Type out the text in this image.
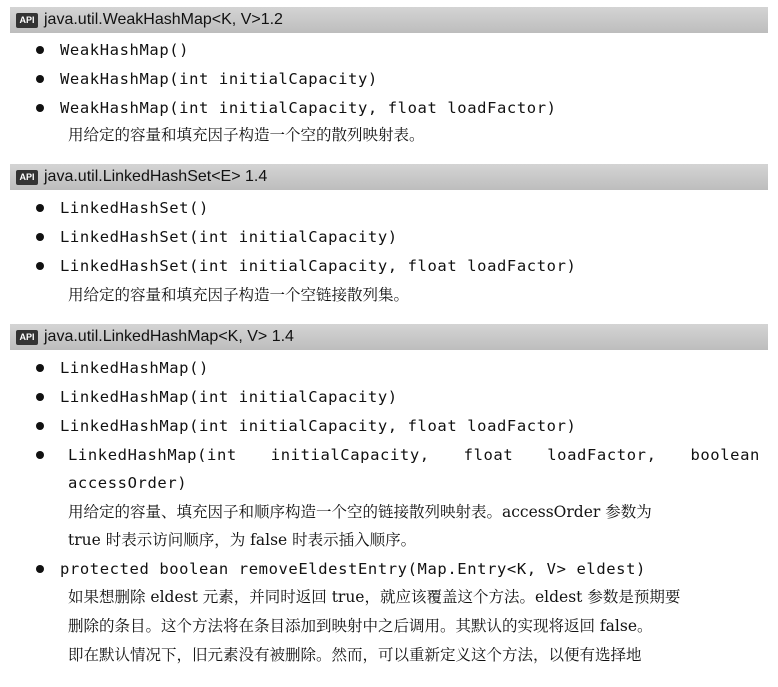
API java.util.WeakHashMap<K, V>1.2
WeakHashMap()
WeakHashMap(int initialCapacity)
WeakHashMap(int initialCapacity, float loadFactor)
用给定的容量和填充因子构造一个空的散列映射表。
API java.util.LinkedHashSet<E> 1.4
LinkedHashSet()
LinkedHashSet(int initialCapacity)
LinkedHashSet(int initialCapacity, float loadFactor)
用给定的容量和填充因子构造一个空链接散列集。
API java.util.LinkedHashMap<K, V> 1.4
LinkedHashMap()
LinkedHashMap(int initialCapacity)
LinkedHashMap(int initialCapacity, float loadFactor)
LinkedHashMap(int initialCapacity, float loadFactor, boolean
accessOrder)
用给定的容量、填充因子和顺序构造一个空的链接散列映射表。accessOrder 参数为
true 时表示访问顺序，为 false 时表示插入顺序。
protected boolean removeEldestEntry(Map.Entry<K, V> eldest)
如果想删除 eldest 元素，并同时返回 true，就应该覆盖这个方法。eldest 参数是预期要
删除的条目。这个方法将在条目添加到映射中之后调用。其默认的实现将返回 false。
即在默认情况下，旧元素没有被删除。然而，可以重新定义这个方法，以便有选择地
